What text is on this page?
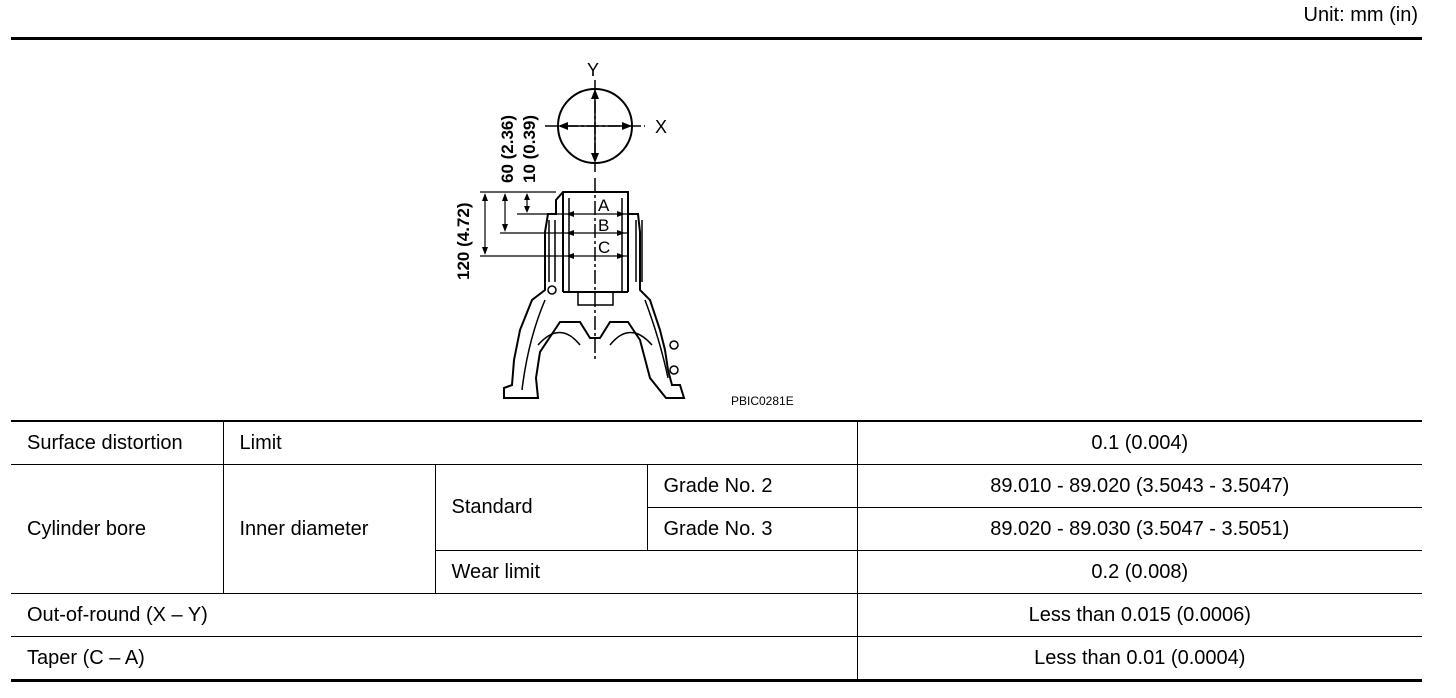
Unit: mm (in)
Y
X
A
B
C
120 (4.72)
60 (2.36) 10 (0.39)
PBIC0281E
Surface distortion	Limit			0.1 (0.004)
Cylinder bore	Inner diameter	Standard	Grade No. 2	89.010 - 89.020 (3.5043 - 3.5047)
			Grade No. 3	89.020 - 89.030 (3.5047 - 3.5051)
		Wear limit		0.2 (0.008)
Out-of-round (X – Y)				Less than 0.015 (0.0006)
Taper (C – A)				Less than 0.01 (0.0004)
